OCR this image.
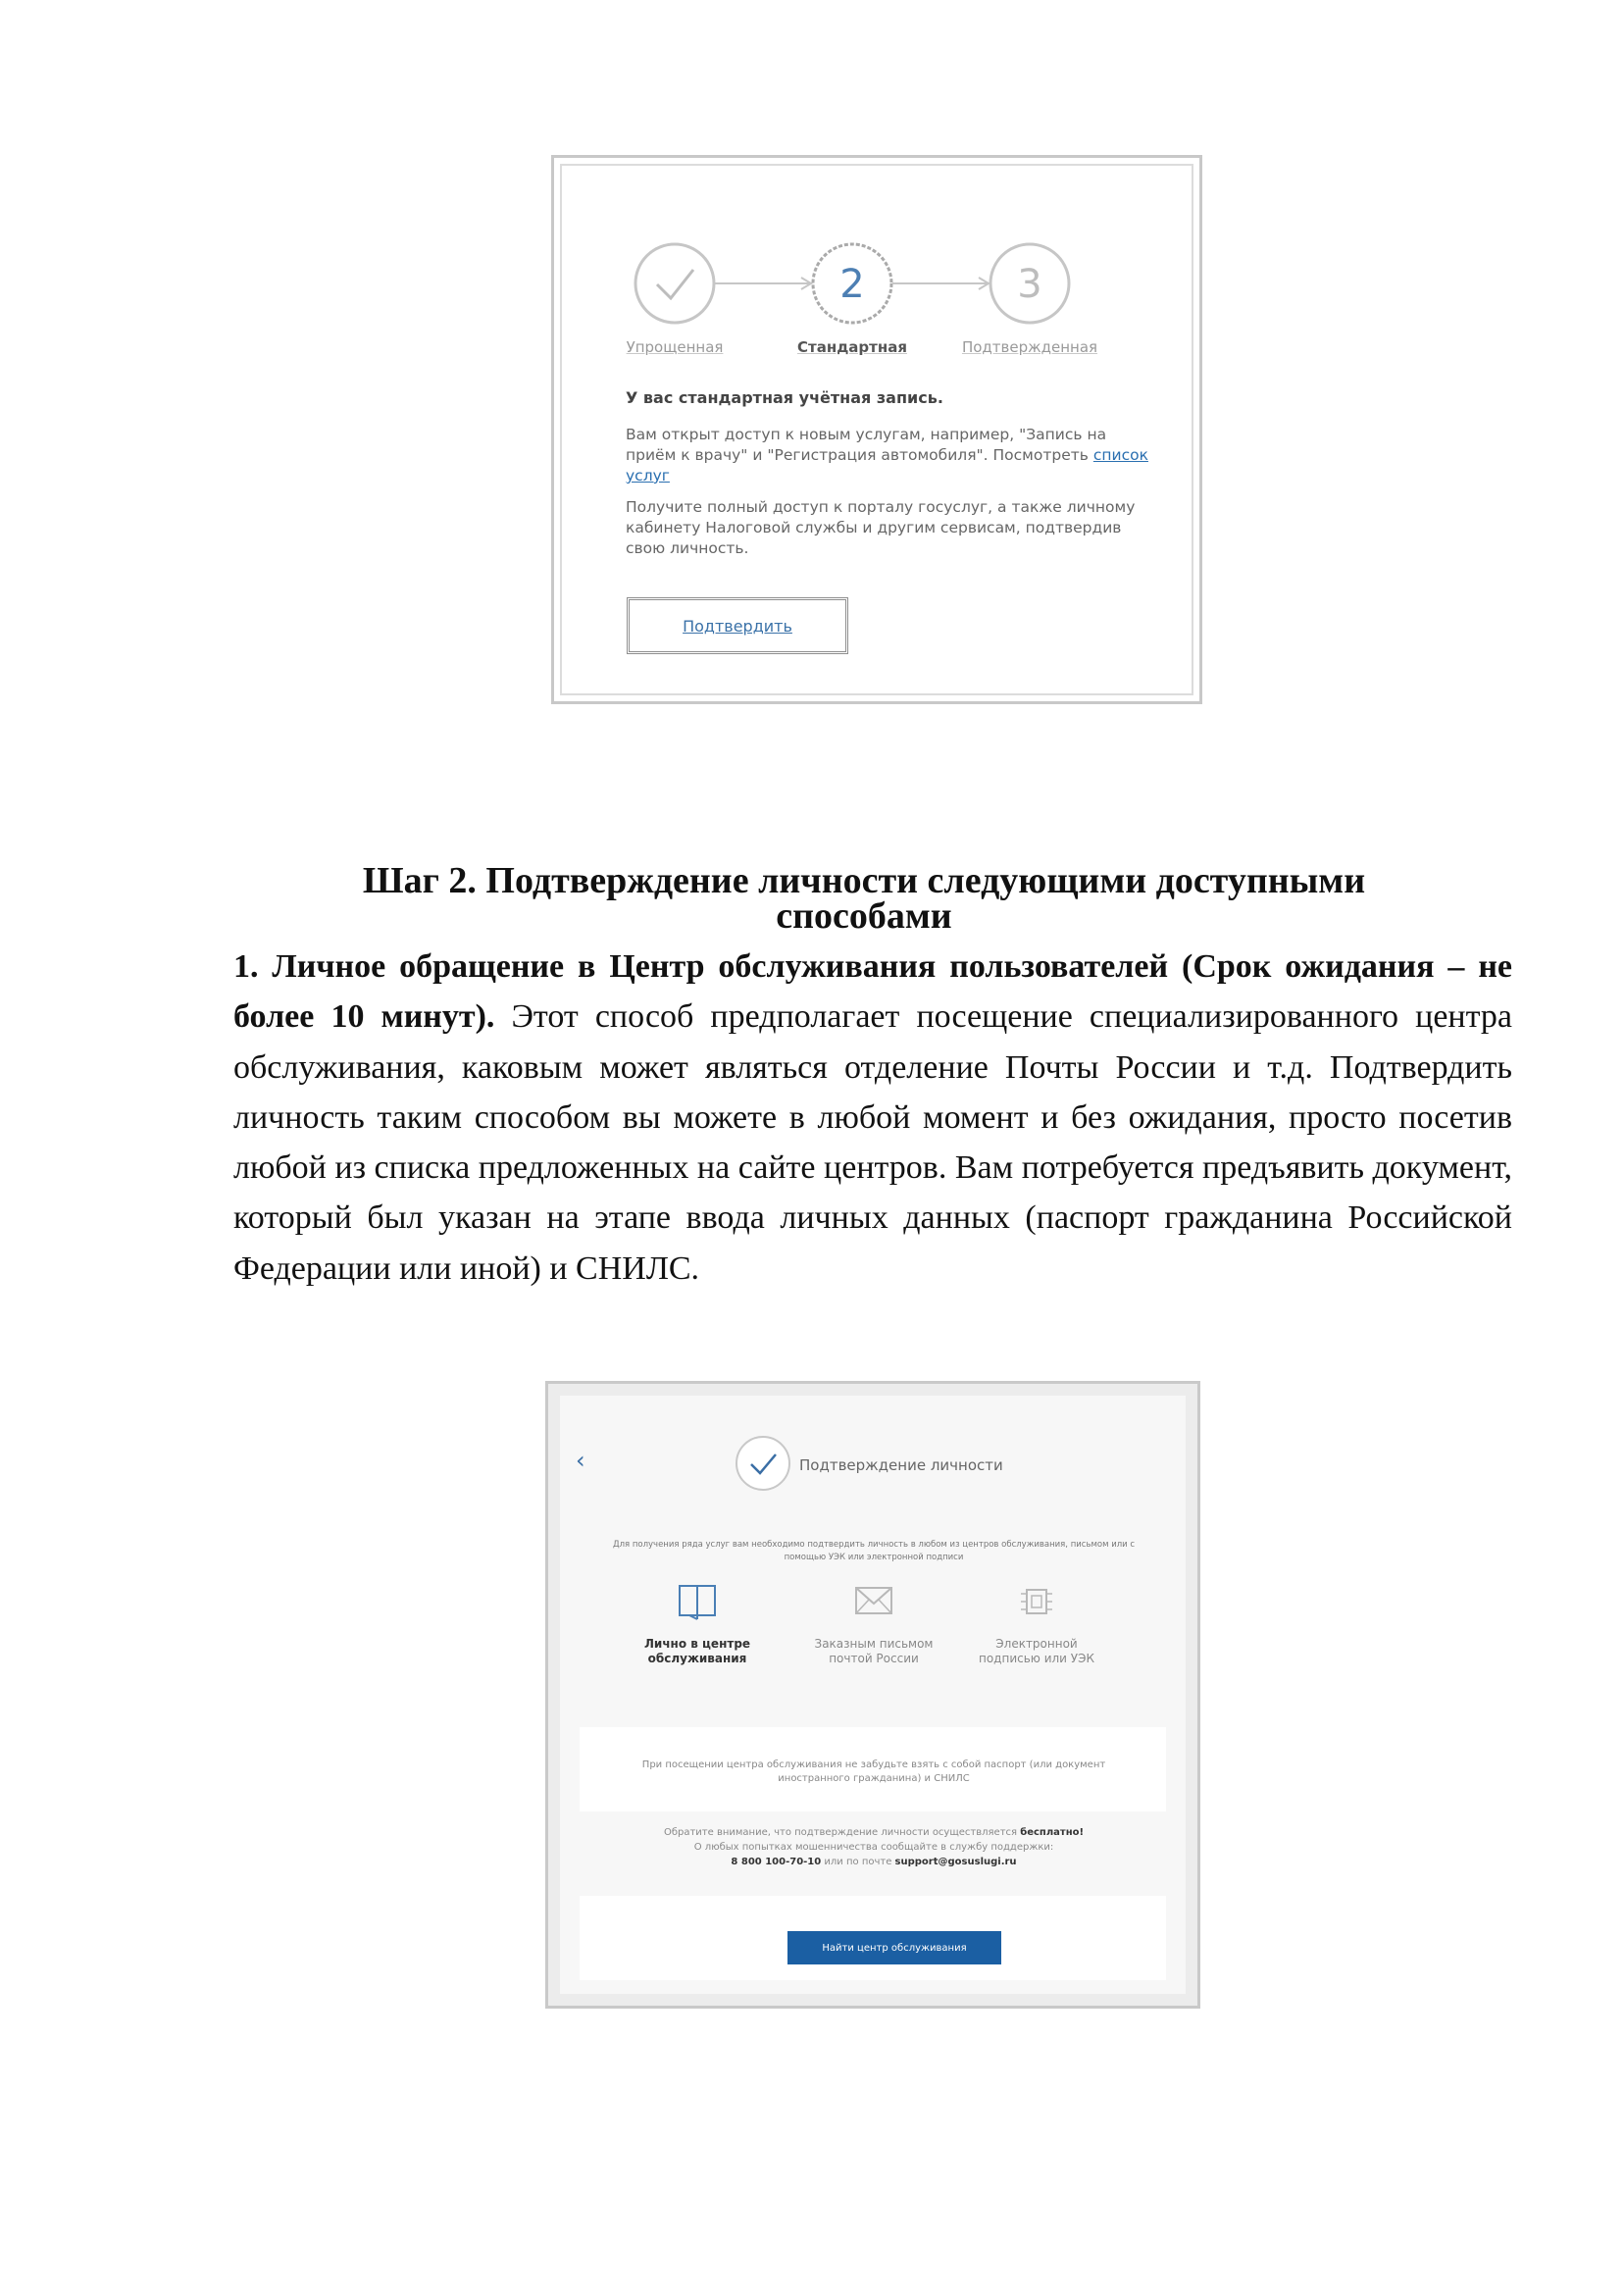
2	3
Упрощенная	Стандартная	Подтвержденная
У вас стандартная учётная запись.
Вам открыт доступ к новым услугам, например, "Запись на приём к врачу" и "Регистрация автомобиля". Посмотреть список услуг
Получите полный доступ к порталу госуслуг, а также личному кабинету Налоговой службы и другим сервисам, подтвердив свою личность.
Подтвердить
Шаг 2. Подтверждение личности следующими доступными
способами

1. Личное обращение в Центр обслуживания пользователей (Срок ожидания – не более 10 минут). Этот способ предполагает посещение специализированного центра обслуживания, каковым может являться отделение Почты России и т.д. Подтвердить личность таким способом вы можете в любой момент и без ожидания, просто посетив любой из списка предложенных на сайте центров. Вам потребуется предъявить документ, который был указан на этапе ввода личных данных (паспорт гражданина Российской Федерации или иной) и СНИЛС.

‹	Подтверждение личности
Для получения ряда услуг вам необходимо подтвердить личность в любом из центров обслуживания, письмом или с помощью УЭК или электронной подписи
Лично в центре
обслуживания
Заказным письмом
почтой России
Электронной
подписью или УЭК
При посещении центра обслуживания не забудьте взять с собой паспорт (или документ иностранного гражданина) и СНИЛС
Обратите внимание, что подтверждение личности осуществляется бесплатно!
О любых попытках мошенничества сообщайте в службу поддержки:
8 800 100-70-10 или по почте support@gosuslugi.ru
Найти центр обслуживания
